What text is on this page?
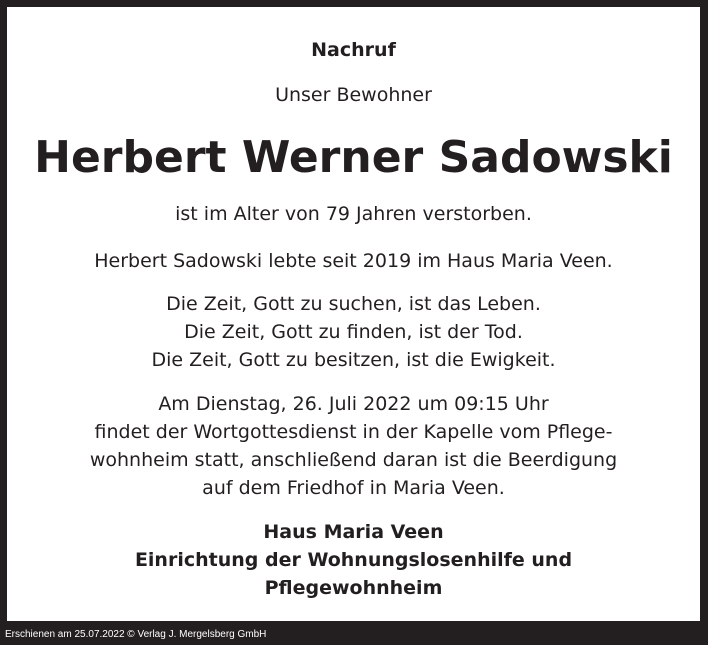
Nachruf
Unser Bewohner
Herbert Werner Sadowski
ist im Alter von 79 Jahren verstorben.
Herbert Sadowski lebte seit 2019 im Haus Maria Veen.
Die Zeit, Gott zu suchen, ist das Leben.
Die Zeit, Gott zu finden, ist der Tod.
Die Zeit, Gott zu besitzen, ist die Ewigkeit.
Am Dienstag, 26. Juli 2022 um 09:15 Uhr
findet der Wortgottesdienst in der Kapelle vom Pflege-
wohnheim statt, anschließend daran ist die Beerdigung
auf dem Friedhof in Maria Veen.
Haus Maria Veen
Einrichtung der Wohnungslosenhilfe und
Pflegewohnheim
Erschienen am 25.07.2022 © Verlag J. Mergelsberg GmbH
